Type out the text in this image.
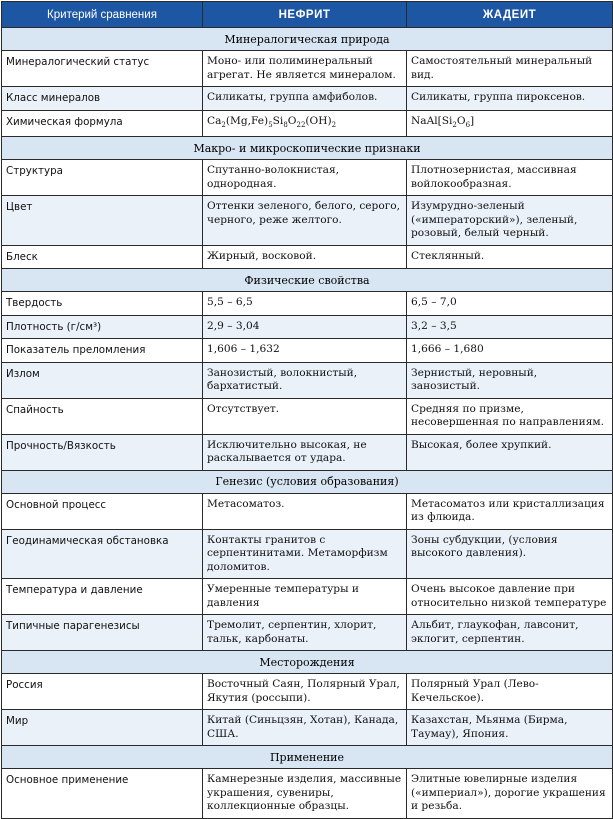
Критерий сравнения	НЕФРИТ	ЖАДЕИТ
Минералогическая природа		
Минералогический статус	Моно- или полиминеральный агрегат. Не является минералом.	Самостоятельный минеральный вид.
Класс минералов	Силикаты, группа амфиболов.	Силикаты, группа пироксенов.
Химическая формула	$Ca_2(Mg,Fe)_5Si_8O_{22}(OH)_2$	$NaAl[Si_2O_6]$
Макро- и микроскопические признаки		
Структура	Спутанно-волокнистая, однородная.	Плотнозернистая, массивная войлокообразная.
Цвет	Оттенки зеленого, белого, серого, черного, реже желтого.	Изумрудно-зеленый («императорский»), зеленый, розовый, белый черный.
Блеск	Жирный, восковой.	Стеклянный.
Физические свойства		
Твердость	5,5 – 6,5	6,5 – 7,0
Плотность (г/см³)	2,9 – 3,04	3,2 – 3,5
Показатель преломления	1,606 – 1,632	1,666 – 1,680
Излом	Занозистый, волокнистый, бархатистый.	Зернистый, неровный, занозистый.
Спайность	Отсутствует.	Средняя по призме, несовершенная по направлениям.
Прочность/Вязкость	Исключительно высокая, не раскалывается от удара.	Высокая, более хрупкий.
Генезис (условия образования)		
Основной процесс	Метасоматоз.	Метасоматоз или кристаллизация из флюида.
Геодинамическая обстановка	Контакты гранитов с серпентинитами. Метаморфизм доломитов.	Зоны субдукции, (условия высокого давления).
Температура и давление	Умеренные температуры и давления	Очень высокое давление при относительно низкой температуре
Типичные парагенезисы	Тремолит, серпентин, хлорит, тальк, карбонаты.	Альбит, глаукофан, лавсонит, эклогит, серпентин.
Месторождения		
Россия	Восточный Саян, Полярный Урал, Якутия (россыпи).	Полярный Урал (Лево-Кечельское).
Мир	Китай (Синьцзян, Хотан), Канада, США.	Казахстан, Мьянма (Бирма, Таумау), Япония.
Применение		
Основное применение	Камнерезные изделия, массивные украшения, сувениры, коллекционные образцы.	Элитные ювелирные изделия («империал»), дорогие украшения и резьба.
